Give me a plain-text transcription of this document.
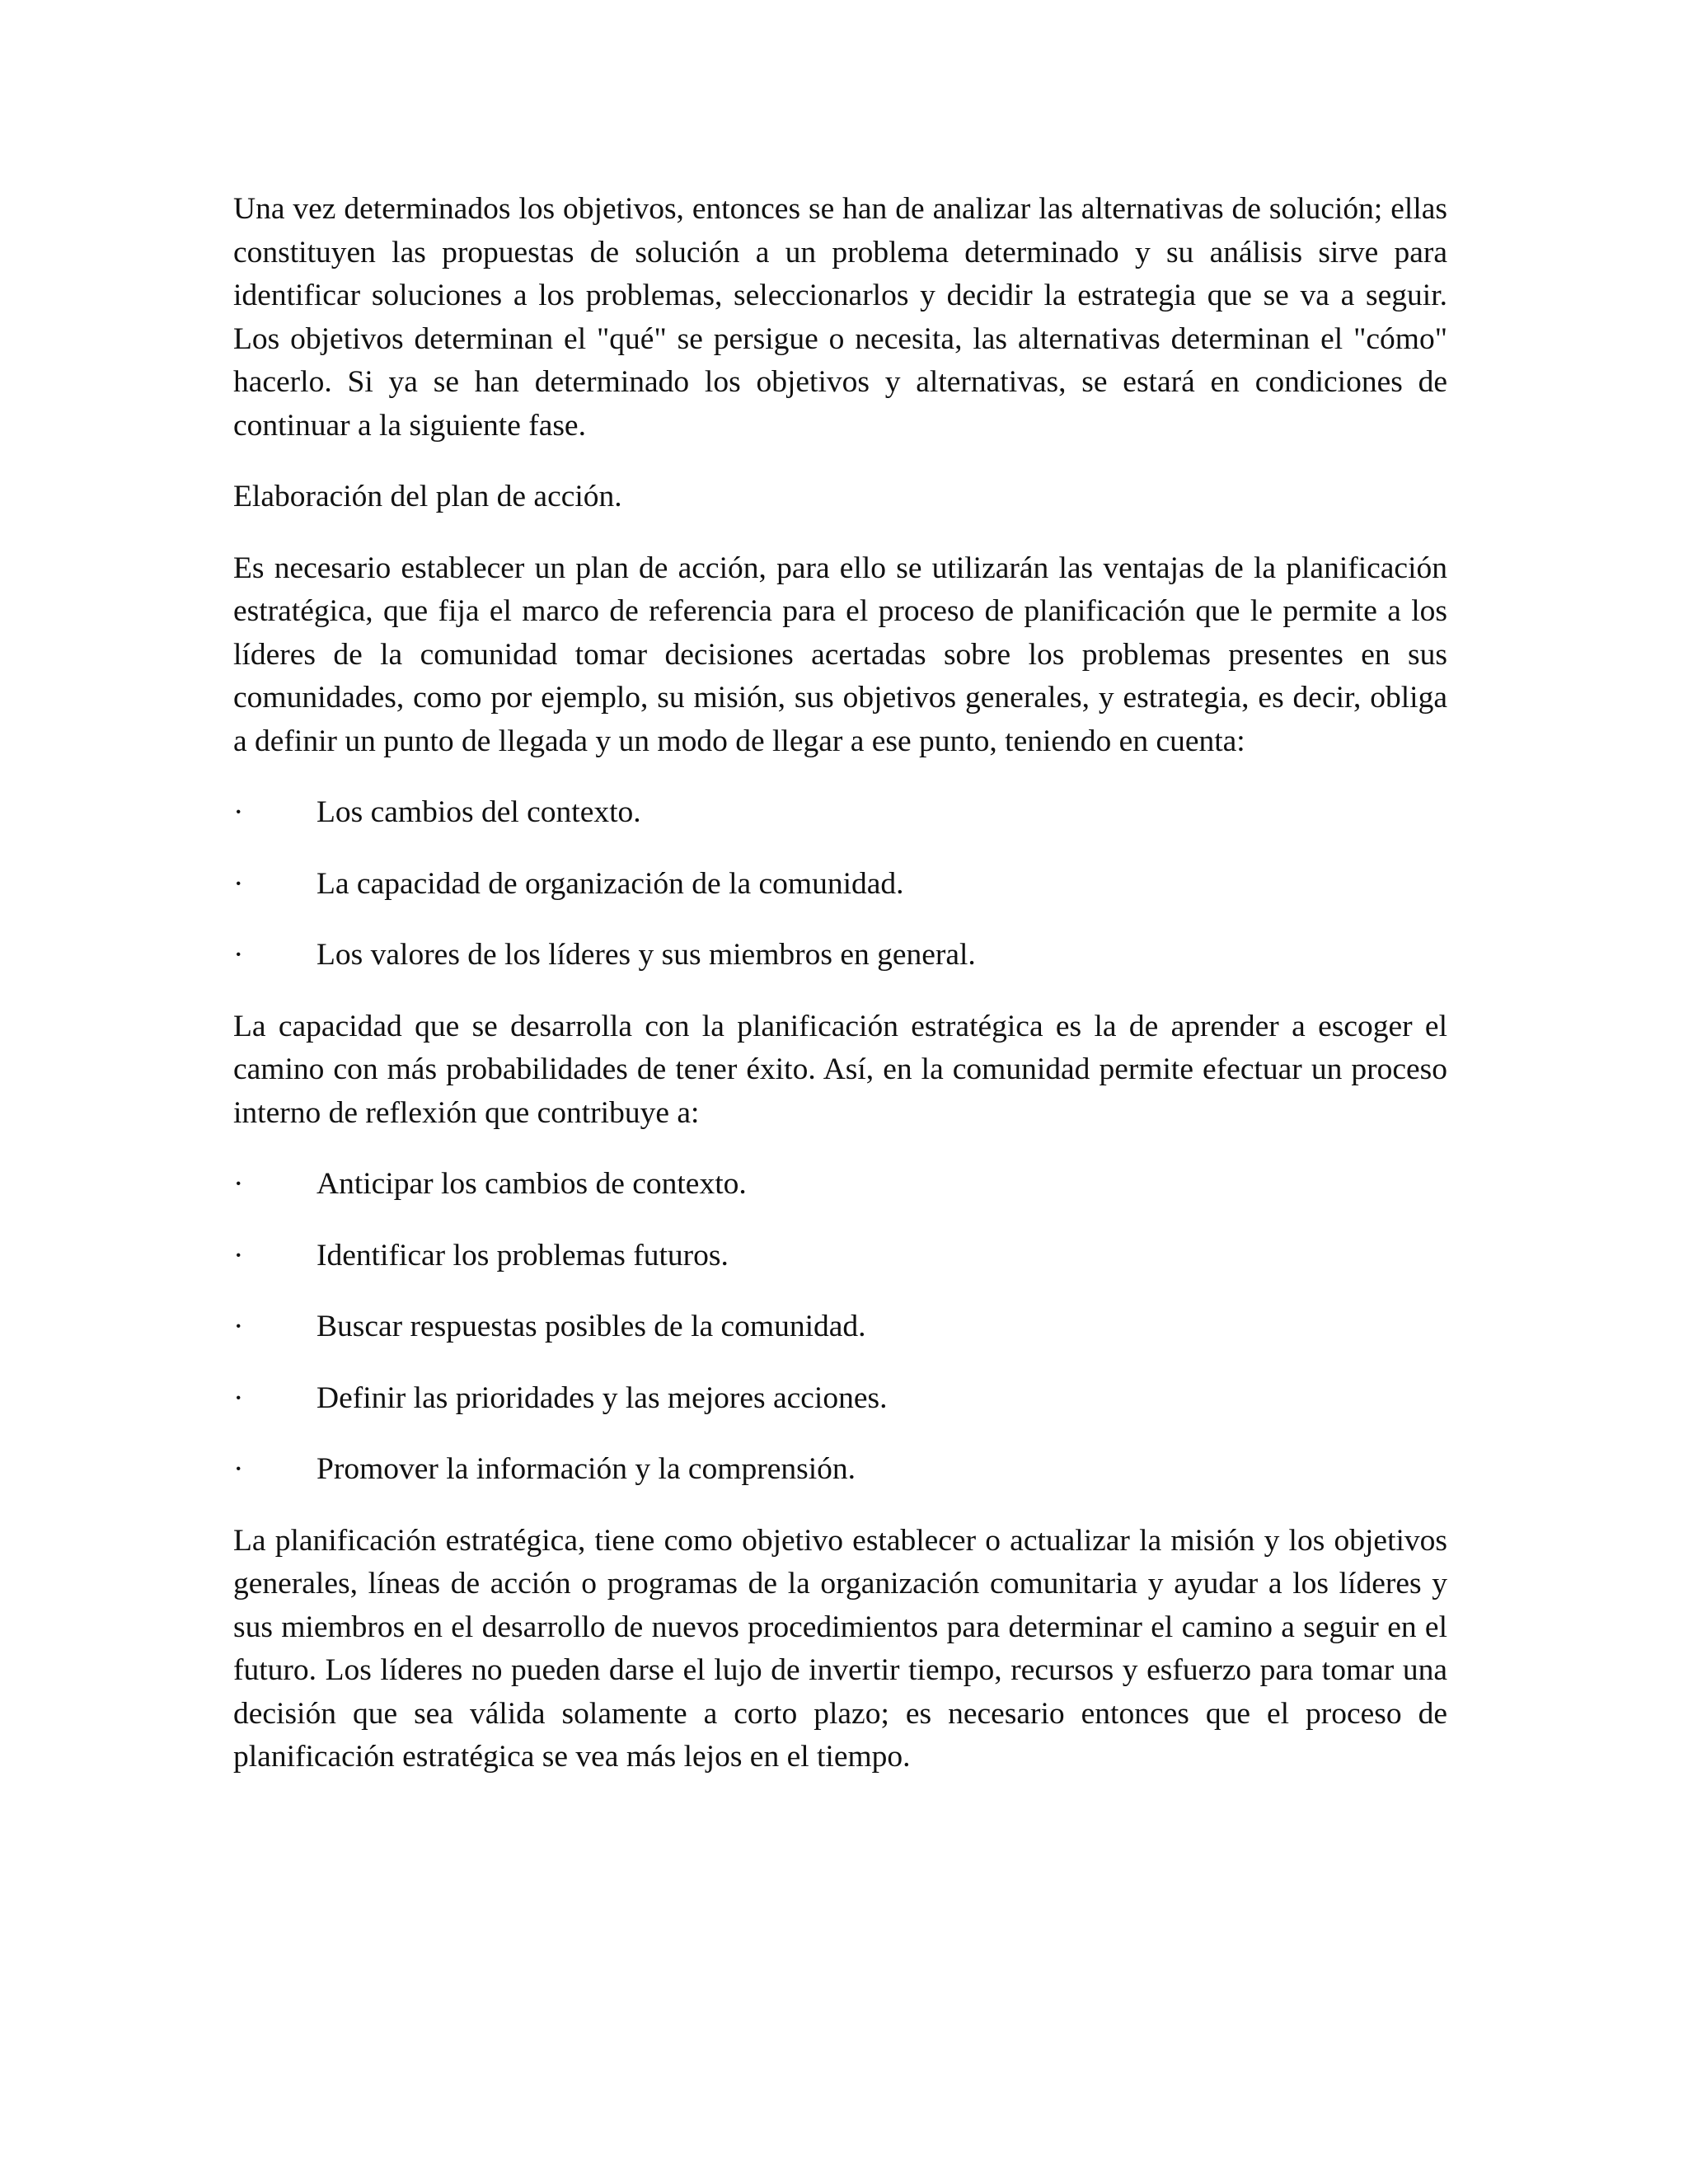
Una vez determinados los objetivos, entonces se han de analizar las alternativas de solución; ellas constituyen las propuestas de solución a un problema determinado y su análisis sirve para identificar soluciones a los problemas, seleccionarlos y decidir la estrategia que se va a seguir. Los objetivos determinan el "qué" se persigue o necesita, las alternativas determinan el "cómo" hacerlo. Si ya se han determinado los objetivos y alternativas, se estará en condiciones de continuar a la siguiente fase.

Elaboración del plan de acción.

Es necesario establecer un plan de acción, para ello se utilizarán las ventajas de la planificación estratégica, que fija el marco de referencia para el proceso de planificación que le permite a los líderes de la comunidad tomar decisiones acertadas sobre los problemas presentes en sus comunidades, como por ejemplo, su misión, sus objetivos generales, y estrategia, es decir, obliga a definir un punto de llegada y un modo de llegar a ese punto, teniendo en cuenta:

·	Los cambios del contexto.
·	La capacidad de organización de la comunidad.
·	Los valores de los líderes y sus miembros en general.

La capacidad que se desarrolla con la planificación estratégica es la de aprender a escoger el camino con más probabilidades de tener éxito. Así, en la comunidad permite efectuar un proceso interno de reflexión que contribuye a:

·	Anticipar los cambios de contexto.
·	Identificar los problemas futuros.
·	Buscar respuestas posibles de la comunidad.
·	Definir las prioridades y las mejores acciones.
·	Promover la información y la comprensión.

La planificación estratégica, tiene como objetivo establecer o actualizar la misión y los objetivos generales, líneas de acción o programas de la organización comunitaria y ayudar a los líderes y sus miembros en el desarrollo de nuevos procedimientos para determinar el camino a seguir en el futuro. Los líderes no pueden darse el lujo de invertir tiempo, recursos y esfuerzo para tomar una decisión que sea válida solamente a corto plazo; es necesario entonces que el proceso de planificación estratégica se vea más lejos en el tiempo.
